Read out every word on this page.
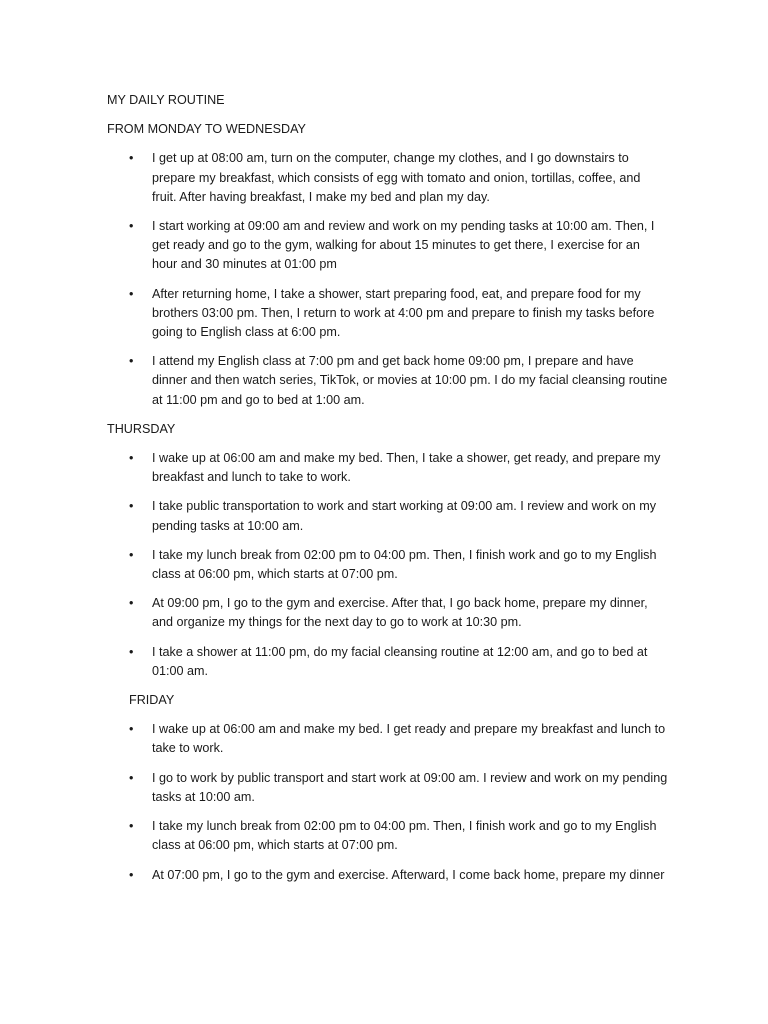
MY DAILY ROUTINE

FROM MONDAY TO WEDNESDAY

• I get up at 08:00 am, turn on the computer, change my clothes, and I go downstairs to prepare my breakfast, which consists of egg with tomato and onion, tortillas, coffee, and fruit. After having breakfast, I make my bed and plan my day.
• I start working at 09:00 am and review and work on my pending tasks at 10:00 am. Then, I get ready and go to the gym, walking for about 15 minutes to get there, I exercise for an hour and 30 minutes at 01:00 pm
• After returning home, I take a shower, start preparing food, eat, and prepare food for my brothers 03:00 pm. Then, I return to work at 4:00 pm and prepare to finish my tasks before going to English class at 6:00 pm.
• I attend my English class at 7:00 pm and get back home 09:00 pm, I prepare and have dinner and then watch series, TikTok, or movies at 10:00 pm. I do my facial cleansing routine at 11:00 pm and go to bed at 1:00 am.

THURSDAY

• I wake up at 06:00 am and make my bed. Then, I take a shower, get ready, and prepare my breakfast and lunch to take to work.
• I take public transportation to work and start working at 09:00 am. I review and work on my pending tasks at 10:00 am.
• I take my lunch break from 02:00 pm to 04:00 pm. Then, I finish work and go to my English class at 06:00 pm, which starts at 07:00 pm.
• At 09:00 pm, I go to the gym and exercise. After that, I go back home, prepare my dinner, and organize my things for the next day to go to work at 10:30 pm.
• I take a shower at 11:00 pm, do my facial cleansing routine at 12:00 am, and go to bed at 01:00 am.

FRIDAY

• I wake up at 06:00 am and make my bed. I get ready and prepare my breakfast and lunch to take to work.
• I go to work by public transport and start work at 09:00 am. I review and work on my pending tasks at 10:00 am.
• I take my lunch break from 02:00 pm to 04:00 pm. Then, I finish work and go to my English class at 06:00 pm, which starts at 07:00 pm.
• At 07:00 pm, I go to the gym and exercise. Afterward, I come back home, prepare my dinner
